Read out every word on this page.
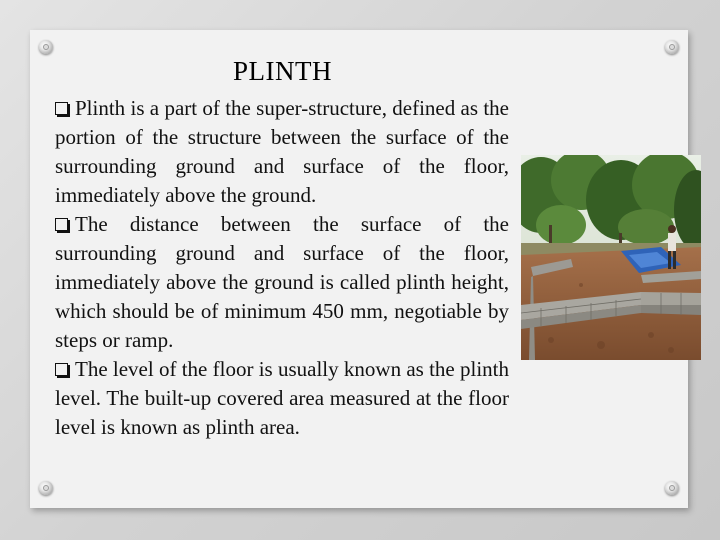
PLINTH

Plinth is a part of the super-structure, defined as the portion of the structure between the surface of the surrounding ground and surface of the floor, immediately above the ground.

The distance between the surface of the surrounding ground and surface of the floor, immediately above the ground is called plinth height, which should be of minimum 450 mm, negotiable by steps or ramp.

The level of the floor is usually known as the plinth level. The built-up covered area measured at the floor level is known as plinth area.
